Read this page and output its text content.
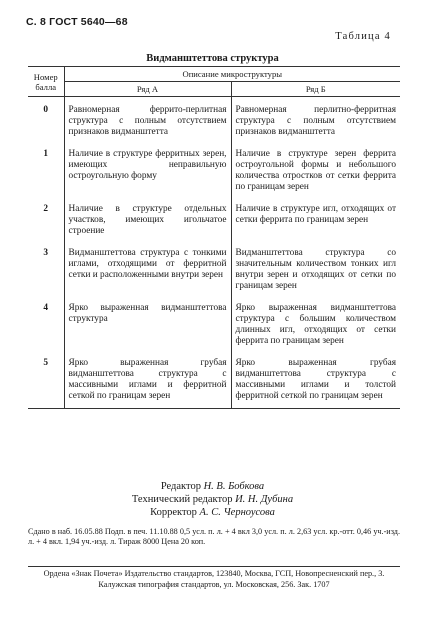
С. 8 ГОСТ 5640—68
Таблица 4
Видманштеттова структура
Номер балла	Описание микроструктуры	
	Ряд А	Ряд Б
0	Равномерная феррито-перлитная структура с полным отсутствием признаков видманштетта	Равномерная перлитно-ферритная структура с полным отсутствием признаков видманштетта
1	Наличие в структуре ферритных зерен, имеющих неправильную остроугольную форму	Наличие в структуре зерен феррита остроугольной формы и небольшого количества отростков от сетки феррита по границам зерен
2	Наличие в структуре отдельных участков, имеющих игольчатое строение	Наличие в структуре игл, отходящих от сетки феррита по границам зерен
3	Видманштеттова структура с тонкими иглами, отходящими от ферритной сетки и расположенными внутри зерен	Видманштеттова структура со значительным количеством тонких игл внутри зерен и отходящих от сетки по границам зерен
4	Ярко выраженная видманштеттова структура	Ярко выраженная видманштеттова структура с большим количеством длинных игл, отходящих от сетки феррита по границам зерен
5	Ярко выраженная грубая видманштеттова структура с массивными иглами и ферритной сеткой по границам зерен	Ярко выраженная грубая видманштеттова структура с массивными иглами и толстой ферритной сеткой по границам зерен
Редактор Н. В. Бобкова
Технический редактор И. Н. Дубина
Корректор А. С. Черноусова
Сдано в наб. 16.05.88 Подп. в печ. 11.10.88 0,5 усл. п. л. + 4 вкл 3,0 усл. п. л. 2,63 усл. кр.-отт. 0,46 уч.-изд. л. + 4 вкл. 1,94 уч.-изд. л. Тираж 8000 Цена 20 коп.
Ордена «Знак Почета» Издательство стандартов, 123840, Москва, ГСП, Новопресненский пер., 3.
Калужская типография стандартов, ул. Московская, 256. Зак. 1707
